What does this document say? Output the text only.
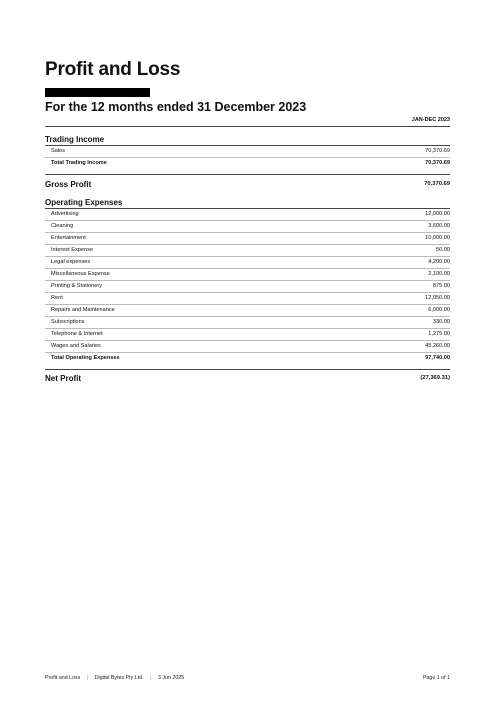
Profit and Loss
For the 12 months ended 31 December 2023
JAN-DEC 2023
Trading Income
Sales	70,370.69
Total Trading Income	70,370.69
Gross Profit	70,370.69
Operating Expenses
Advertising	12,000.00
Cleaning	3,600.00
Entertainment	10,000.00
Interest Expense	50.00
Legal expenses	4,200.00
Miscellaneous Expense	2,100.00
Printing & Stationery	875.00
Rent	12,050.00
Repairs and Maintenance	6,000.00
Subscriptions	330.00
Telephone & Internet	1,275.00
Wages and Salaries	45,260.00
Total Operating Expenses	97,740.00
Net Profit	(27,369.31)
Profit and Loss | Digital Bytes Pty Ltd. | 3 Jun 2025	Page 1 of 1
